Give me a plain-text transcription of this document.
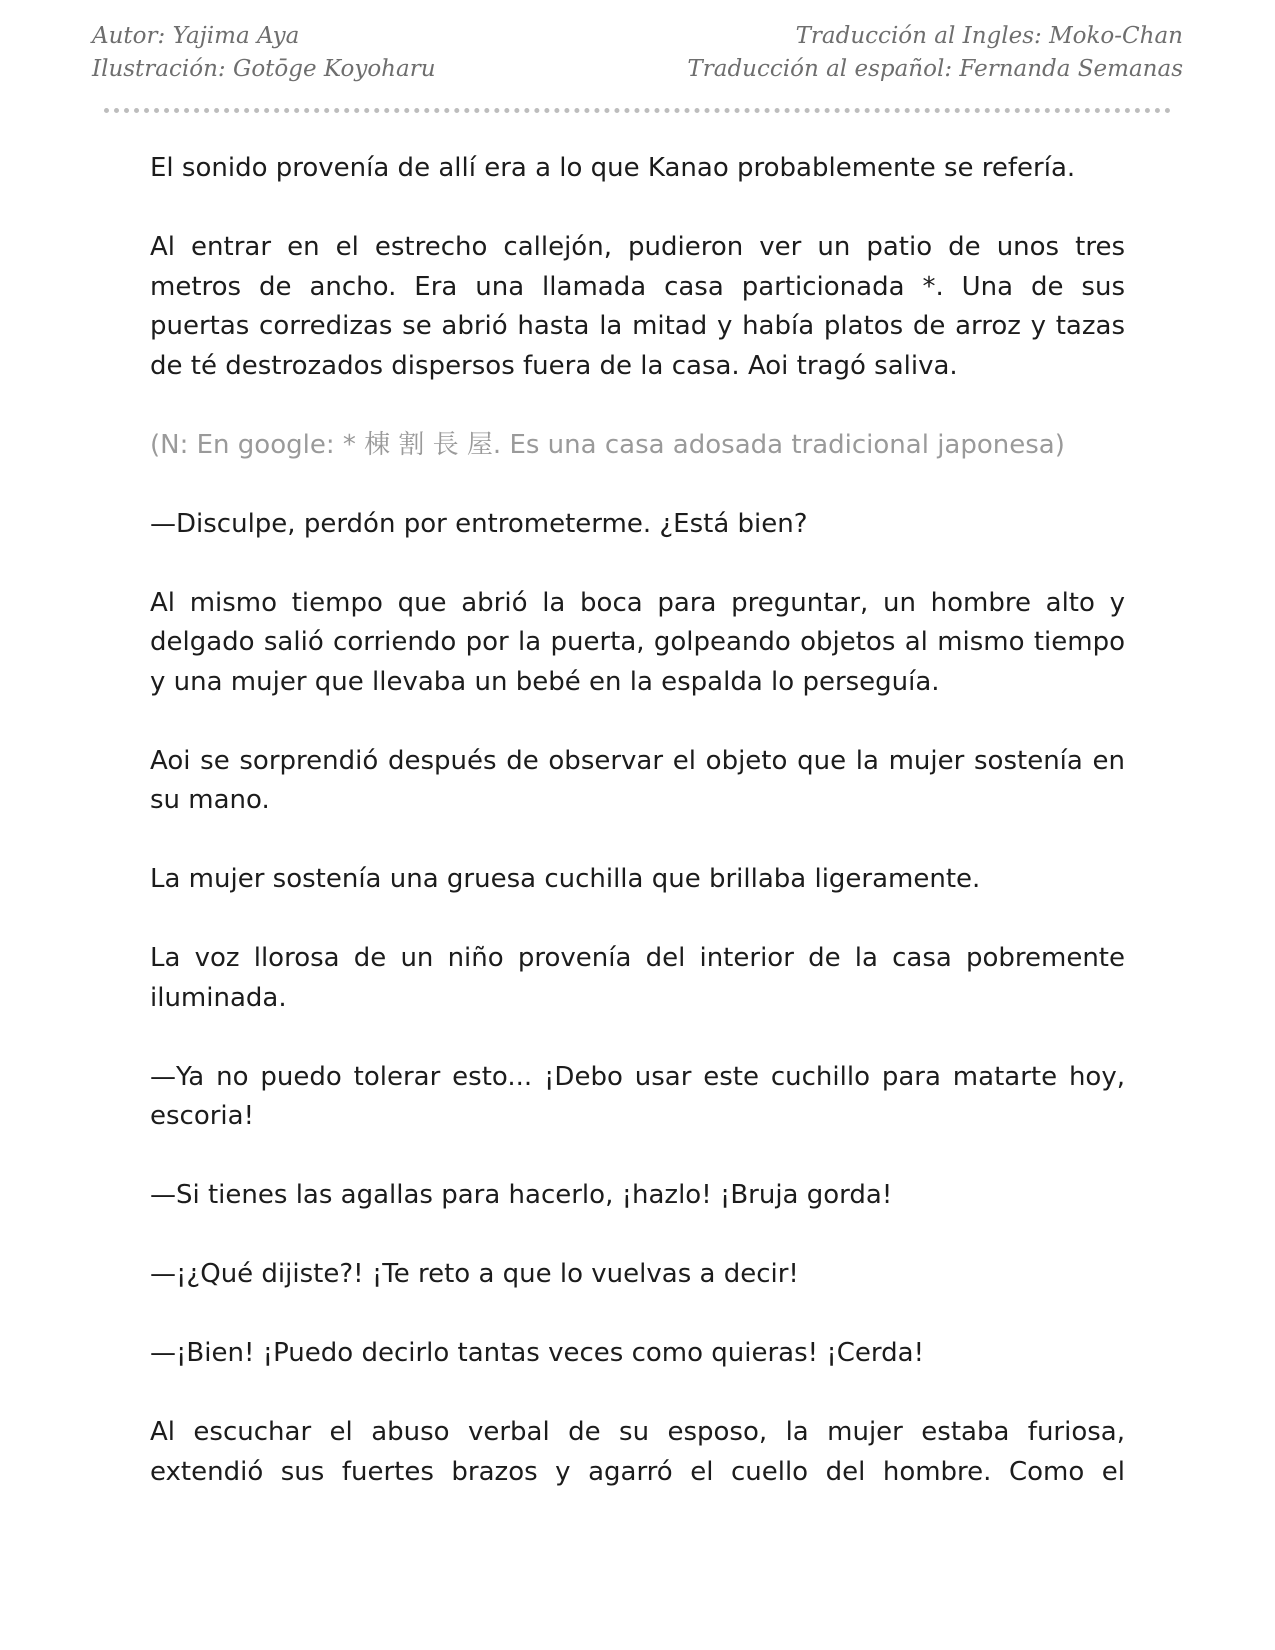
Autor: Yajima Aya
Ilustración: Gotōge Koyoharu
Traducción al Ingles: Moko-Chan
Traducción al español: Fernanda Semanas

El sonido provenía de allí era a lo que Kanao probablemente se refería.

Al entrar en el estrecho callejón, pudieron ver un patio de unos tres metros de ancho. Era una llamada casa particionada *. Una de sus puertas corredizas se abrió hasta la mitad y había platos de arroz y tazas de té destrozados dispersos fuera de la casa. Aoi tragó saliva.

(N: En google: * 棟 割 長 屋. Es una casa adosada tradicional japonesa)

—Disculpe, perdón por entrometerme. ¿Está bien?

Al mismo tiempo que abrió la boca para preguntar, un hombre alto y delgado salió corriendo por la puerta, golpeando objetos al mismo tiempo y una mujer que llevaba un bebé en la espalda lo perseguía.

Aoi se sorprendió después de observar el objeto que la mujer sostenía en su mano.

La mujer sostenía una gruesa cuchilla que brillaba ligeramente.

La voz llorosa de un niño provenía del interior de la casa pobremente iluminada.

—Ya no puedo tolerar esto... ¡Debo usar este cuchillo para matarte hoy, escoria!

—Si tienes las agallas para hacerlo, ¡hazlo! ¡Bruja gorda!

—¡¿Qué dijiste?! ¡Te reto a que lo vuelvas a decir!

—¡Bien! ¡Puedo decirlo tantas veces como quieras! ¡Cerda!

Al escuchar el abuso verbal de su esposo, la mujer estaba furiosa, extendió sus fuertes brazos y agarró el cuello del hombre. Como el
